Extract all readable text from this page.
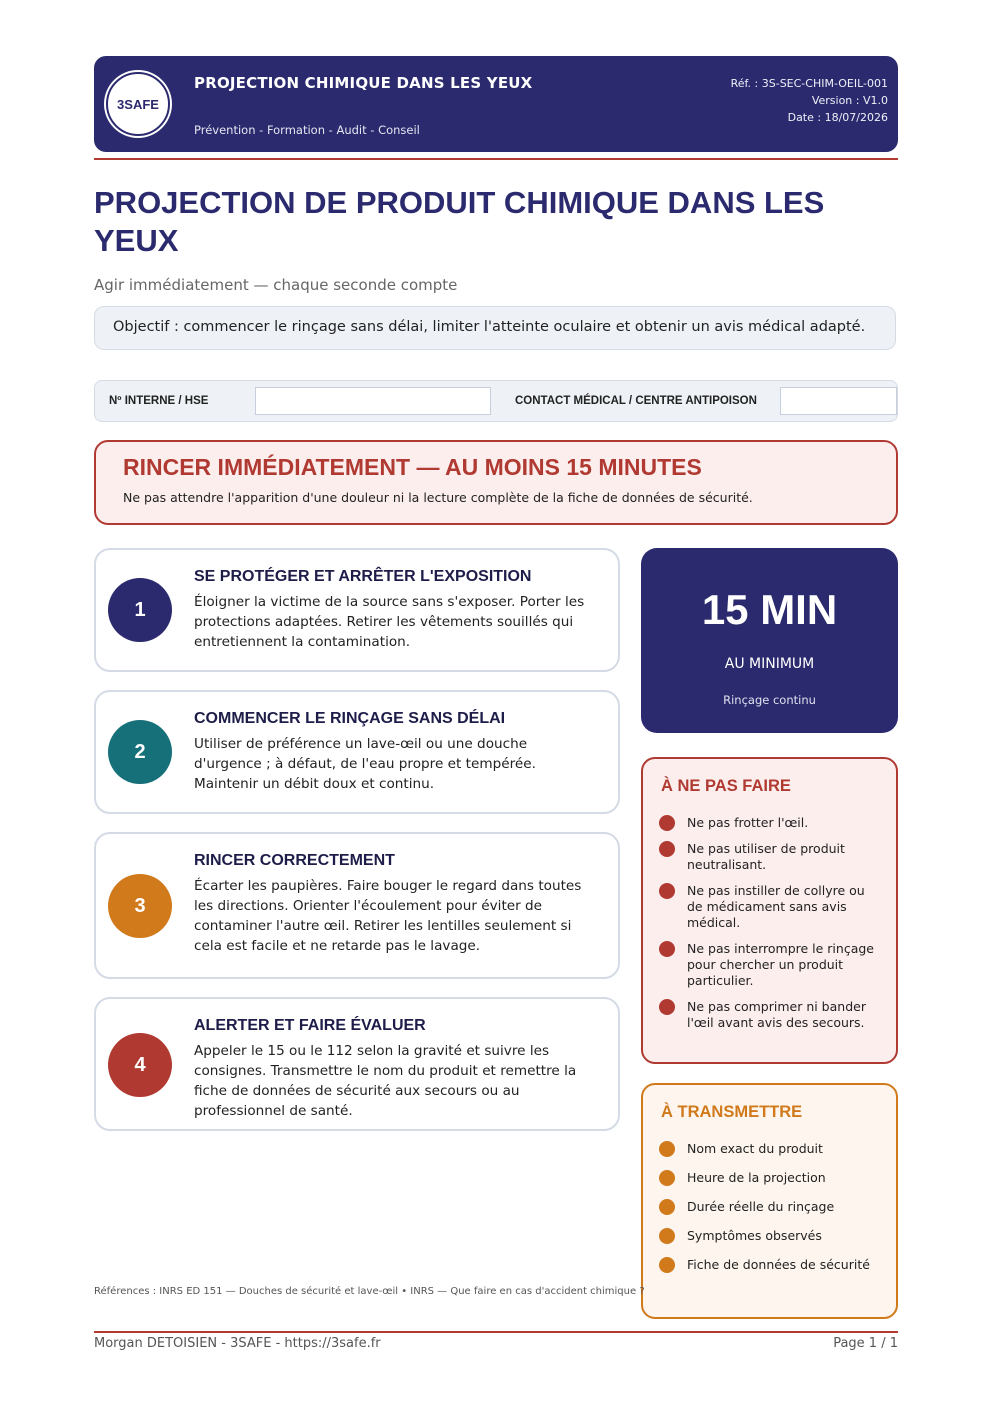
3SAFE
PROJECTION CHIMIQUE DANS LES YEUX
Prévention - Formation - Audit - Conseil
Réf. : 3S-SEC-CHIM-OEIL-001
Version : V1.0
Date : 18/07/2026
PROJECTION DE PRODUIT CHIMIQUE DANS LES YEUX
Agir immédiatement — chaque seconde compte
Objectif : commencer le rinçage sans délai, limiter l'atteinte oculaire et obtenir un avis médical adapté.
Nº INTERNE / HSE	CONTACT MÉDICAL / CENTRE ANTIPOISON
RINCER IMMÉDIATEMENT — AU MOINS 15 MINUTES
Ne pas attendre l'apparition d'une douleur ni la lecture complète de la fiche de données de sécurité.
1
SE PROTÉGER ET ARRÊTER L'EXPOSITION
Éloigner la victime de la source sans s'exposer. Porter les protections adaptées. Retirer les vêtements souillés qui entretiennent la contamination.
2
COMMENCER LE RINÇAGE SANS DÉLAI
Utiliser de préférence un lave-œil ou une douche d'urgence ; à défaut, de l'eau propre et tempérée. Maintenir un débit doux et continu.
3
RINCER CORRECTEMENT
Écarter les paupières. Faire bouger le regard dans toutes les directions. Orienter l'écoulement pour éviter de contaminer l'autre œil. Retirer les lentilles seulement si cela est facile et ne retarde pas le lavage.
4
ALERTER ET FAIRE ÉVALUER
Appeler le 15 ou le 112 selon la gravité et suivre les consignes. Transmettre le nom du produit et remettre la fiche de données de sécurité aux secours ou au professionnel de santé.
15 MIN
AU MINIMUM
Rinçage continu
À NE PAS FAIRE
Ne pas frotter l'œil.
Ne pas utiliser de produit neutralisant.
Ne pas instiller de collyre ou de médicament sans avis médical.
Ne pas interrompre le rinçage pour chercher un produit particulier.
Ne pas comprimer ni bander l'œil avant avis des secours.
À TRANSMETTRE
Nom exact du produit
Heure de la projection
Durée réelle du rinçage
Symptômes observés
Fiche de données de sécurité
Références : INRS ED 151 — Douches de sécurité et lave-œil • INRS — Que faire en cas d'accident chimique ?
Morgan DETOISIEN - 3SAFE - https://3safe.fr	Page 1 / 1
